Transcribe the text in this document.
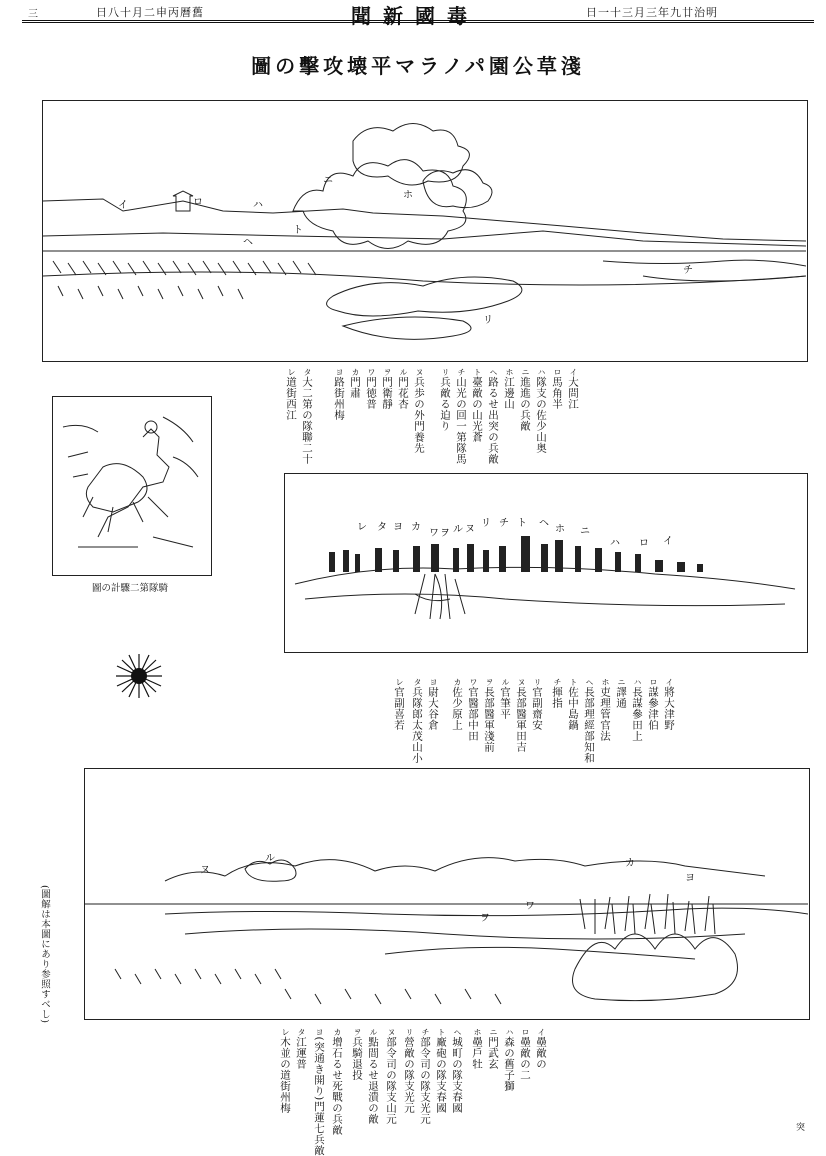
三	日八十月二申丙曆舊	聞新國毒	日一十三月三年九廿治明
圖の擊攻壊平マラノパ園公草淺
イ	ロ	ハ
ニ
ホ
ヘ
ト
チ
リ
イ大問江
ロ馬角半
ハ隊支の佐少山奥
ニ進進の兵敵
ホ江邊山
ヘ路るせ出突の兵敵
ト臺敵の山光蒼
チ山光の回一第隊馬
リ兵敵る迫り
ヌ兵歩の外門養先
ル門花杏
ヲ門衛靜
ワ門徳普
カ門肅
ヨ路街州梅
タ大二第の隊聯二十
レ道街西江
圖の計驟二第隊騎
イ
ロ
ハ
ニ
ホ
ヘ
ト
チ
リ
ヌ
ル
ヲ
ワ
カ
ヨ
タ
レ
イ將大津野
ロ謀參津伯
ハ長謀參田上
ニ譯通
ホ吏理管官法
ヘ長部理經部知和
ト佐中島鍋
チ揮指
リ官副齋安
ヌ長部醫軍田吉
ル官筆平
ヲ長部醫軍淺前
ワ官醫部中田
カ佐少原上
ヨ尉大谷倉
タ兵隊郎太茂山小
レ官副喜若
(圖解は本圖にあり参照すべし)
ヌ
ル
ヲ
ワ
カ
ヨ
イ壘敵の
ロ壘敵の二
ハ森の舊子獅
ニ門武玄
ホ壘戶牡
ヘ城町の隊支春國
ト廠砲の隊支春國
チ部令司の隊支光元
リ營敵の隊支光元
ヌ部令司の隊支山元
ル點間るせ退潰の敵
ヲ兵騎退投
カ增石るせ死戰の兵敵
ヨ(突通き開り)門蓮七兵敵
タ江運普
レ木並の道街州梅
突
